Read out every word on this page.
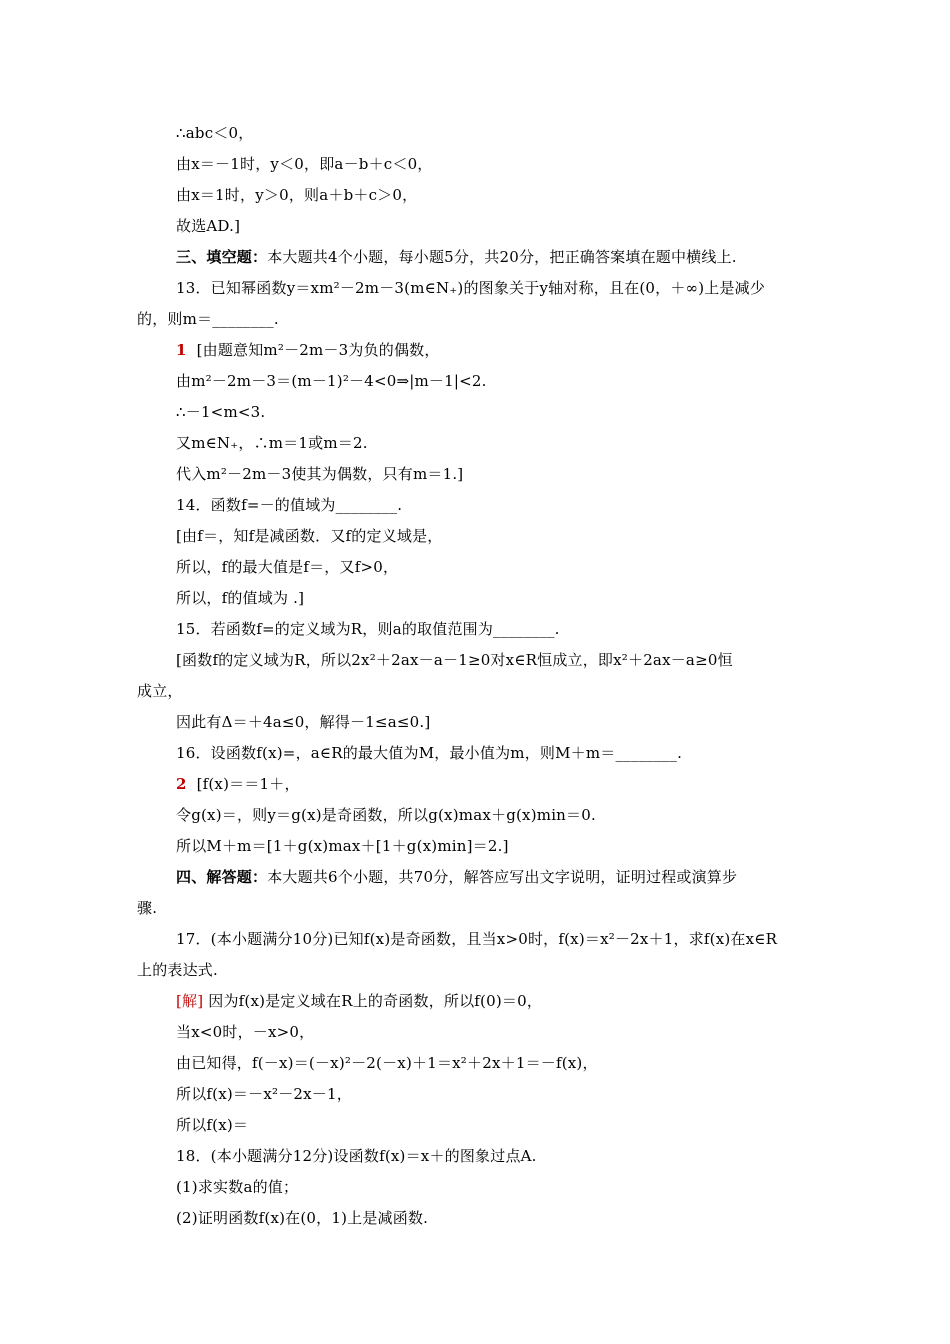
∴abc＜0，
由x＝－1时，y＜0，即a－b＋c＜0，
由x＝1时，y＞0，则a＋b＋c＞0，
故选AD.]
三、填空题：本大题共4个小题，每小题5分，共20分，把正确答案填在题中横线上.
13．已知幂函数y＝xm²－2m－3(m∈N₊)的图象关于y轴对称，且在(0，＋∞)上是减少
的，则m＝________.
1 [由题意知m²－2m－3为负的偶数，
由m²－2m－3＝(m－1)²－4<0⇒|m－1|<2.
∴－1<m<3.
又m∈N₊，∴m＝1或m＝2.
代入m²－2m－3使其为偶数，只有m＝1.]
14．函数f=－的值域为________.
[由f＝，知f是减函数．又f的定义域是，
所以，f的最大值是f＝，又f>0，
所以，f的值域为 .]
15．若函数f=的定义域为R，则a的取值范围为________.
[函数f的定义域为R，所以2x²＋2ax－a－1≥0对x∈R恒成立，即x²＋2ax－a≥0恒
成立，
因此有Δ＝＋4a≤0，解得－1≤a≤0.]
16．设函数f(x)=，a∈R的最大值为M，最小值为m，则M＋m＝________.
2 [f(x)＝＝1＋，
令g(x)＝，则y＝g(x)是奇函数，所以g(x)max＋g(x)min＝0.
所以M＋m＝[1＋g(x)max＋[1＋g(x)min]＝2.]
四、解答题：本大题共6个小题，共70分，解答应写出文字说明，证明过程或演算步
骤.
17．(本小题满分10分)已知f(x)是奇函数，且当x>0时，f(x)＝x²－2x＋1，求f(x)在x∈R
上的表达式.
[解] 因为f(x)是定义域在R上的奇函数，所以f(0)＝0，
当x<0时，－x>0，
由已知得，f(－x)＝(－x)²－2(－x)＋1＝x²＋2x＋1＝－f(x)，
所以f(x)＝－x²－2x－1，
所以f(x)＝
18．(本小题满分12分)设函数f(x)＝x＋的图象过点A.
(1)求实数a的值；
(2)证明函数f(x)在(0，1)上是减函数.
